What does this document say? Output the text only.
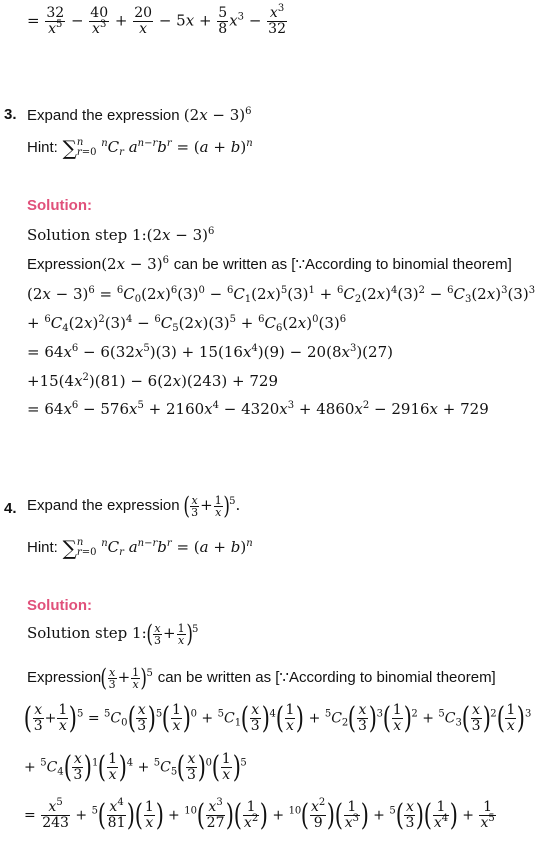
= $\frac{32}{x^5} - \frac{40}{x^3} + \frac{20}{x} - 5x + \frac{5}{8} x^3 - \frac{x^3}{32}$
3. Expand the expression $(2x - 3)^6$
Hint: ∑ n
r=0
$^nC_r$ $a^{n-r}b^r = (a + b)^n$
Solution:
Solution step 1:(2x − 3)$^6$
Expression(2x − 3)$^6$ can be written as [∵According to binomial theorem]
$(2x - 3)^6 = ^6C_0(2x)^6(3)^0 - ^6C_1(2x)^5(3)^1 + ^6C_2(2x)^4(3)^2 - ^6C_3(2x)^3(3)^3$
+ $^6C_4(2x)^2(3)^4 - ^6C_5(2x)(3)^5 + ^6C_6(2x)^0(3)^6$
= $64x^6 - 6(32x^5)(3) + 15(16x^4)(9) - 20(8x^3)(27)$
$+15(4x^2)(81) - 6(2x)(243) + 729$
= $64x^6 - 576x^5 + 2160x^4 - 4320x^3 + 4860x^2 - 2916x + 729$
4. Expand the expression ( $\frac{x}{3} + \frac{1}{x} )^5$.
Hint: ∑ n
r=0
$^nC_r$ $a^{n-r}b^r = (a + b)^n$
Solution:
Solution step 1:( $\frac{x}{3} + \frac{1}{x} )^5$
Expression( $\frac{x}{3} + \frac{1}{x} )^5$ can be written as [∵According to binomial theorem]
( $\frac{x}{3} + \frac{1}{x} )^5 = ^5C_0( \frac{x}{3} )^5( \frac{1}{x} )^0 + ^5C_1( \frac{x}{3} )^4( \frac{1}{x}$ ) + $^5C_2( \frac{x}{3} )^3( \frac{1}{x} )^2 + ^5C_3( \frac{x}{3} )^2( \frac{1}{x} )^3$
+ $^5C_4( \frac{x}{3} )^1( \frac{1}{x} )^4 + ^5C_5( \frac{x}{3} )^0( \frac{1}{x} )^5$
= $\frac{x^5}{243} + ^5( \frac{x^4}{81}$ )( $\frac{1}{x}$ ) + $^{10}( \frac{x^3}{27}$ )( $\frac{1}{x^2}$ ) + $^{10}( \frac{x^2}{9}$ )( $\frac{1}{x^3}$ ) + $^5( \frac{x}{3}$ )( $\frac{1}{x^4}$ ) + $\frac{1}{x^5}$
